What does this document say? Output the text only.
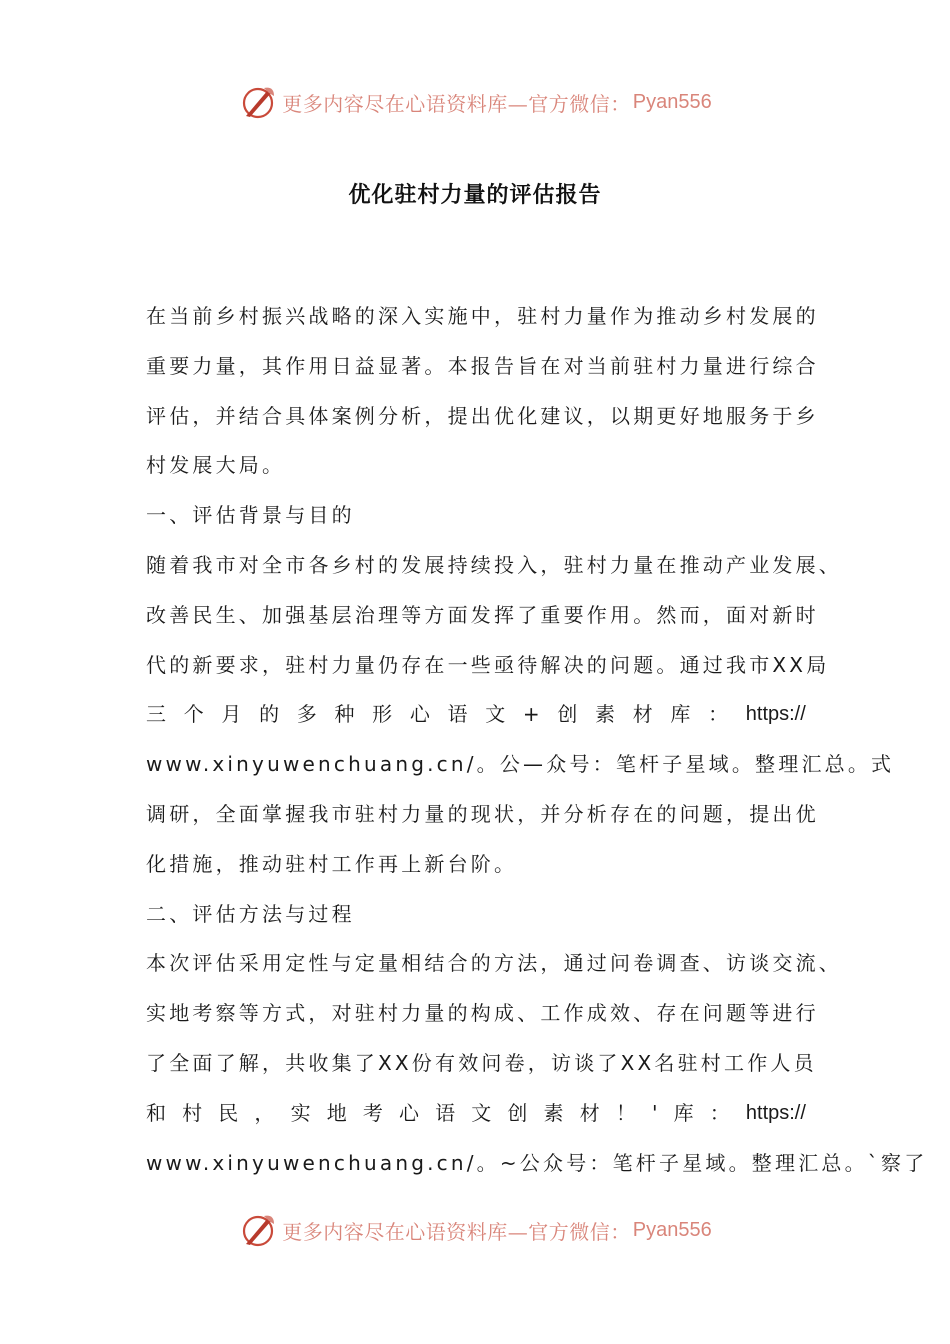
更多内容尽在心语资料库—官方微信： Pyan556
优化驻村力量的评估报告
在当前乡村振兴战略的深入实施中，驻村力量作为推动乡村发展的
重要力量，其作用日益显著。本报告旨在对当前驻村力量进行综合
评估，并结合具体案例分析，提出优化建议，以期更好地服务于乡
村发展大局。
一、评估背景与目的
随着我市对全市各乡村的发展持续投入，驻村力量在推动产业发展、
改善民生、加强基层治理等方面发挥了重要作用。然而，面对新时
代的新要求，驻村力量仍存在一些亟待解决的问题。通过我市XX局
三 个 月 的 多 种 形 心 语 文 + 创 素 材 库 ： https://
www.xinyuwenchuang.cn/。公—众号：笔杆子星域。整理汇总。式
调研，全面掌握我市驻村力量的现状，并分析存在的问题，提出优
化措施，推动驻村工作再上新台阶。
二、评估方法与过程
本次评估采用定性与定量相结合的方法，通过问卷调查、访谈交流、
实地考察等方式，对驻村力量的构成、工作成效、存在问题等进行
了全面了解，共收集了XX份有效问卷，访谈了XX名驻村工作人员
和 村 民 ， 实 地 考 心 语 文 创 素 材 ！ ' 库 ： https://
www.xinyuwenchuang.cn/。~公众号：笔杆子星域。整理汇总。`察了
更多内容尽在心语资料库—官方微信： Pyan556
